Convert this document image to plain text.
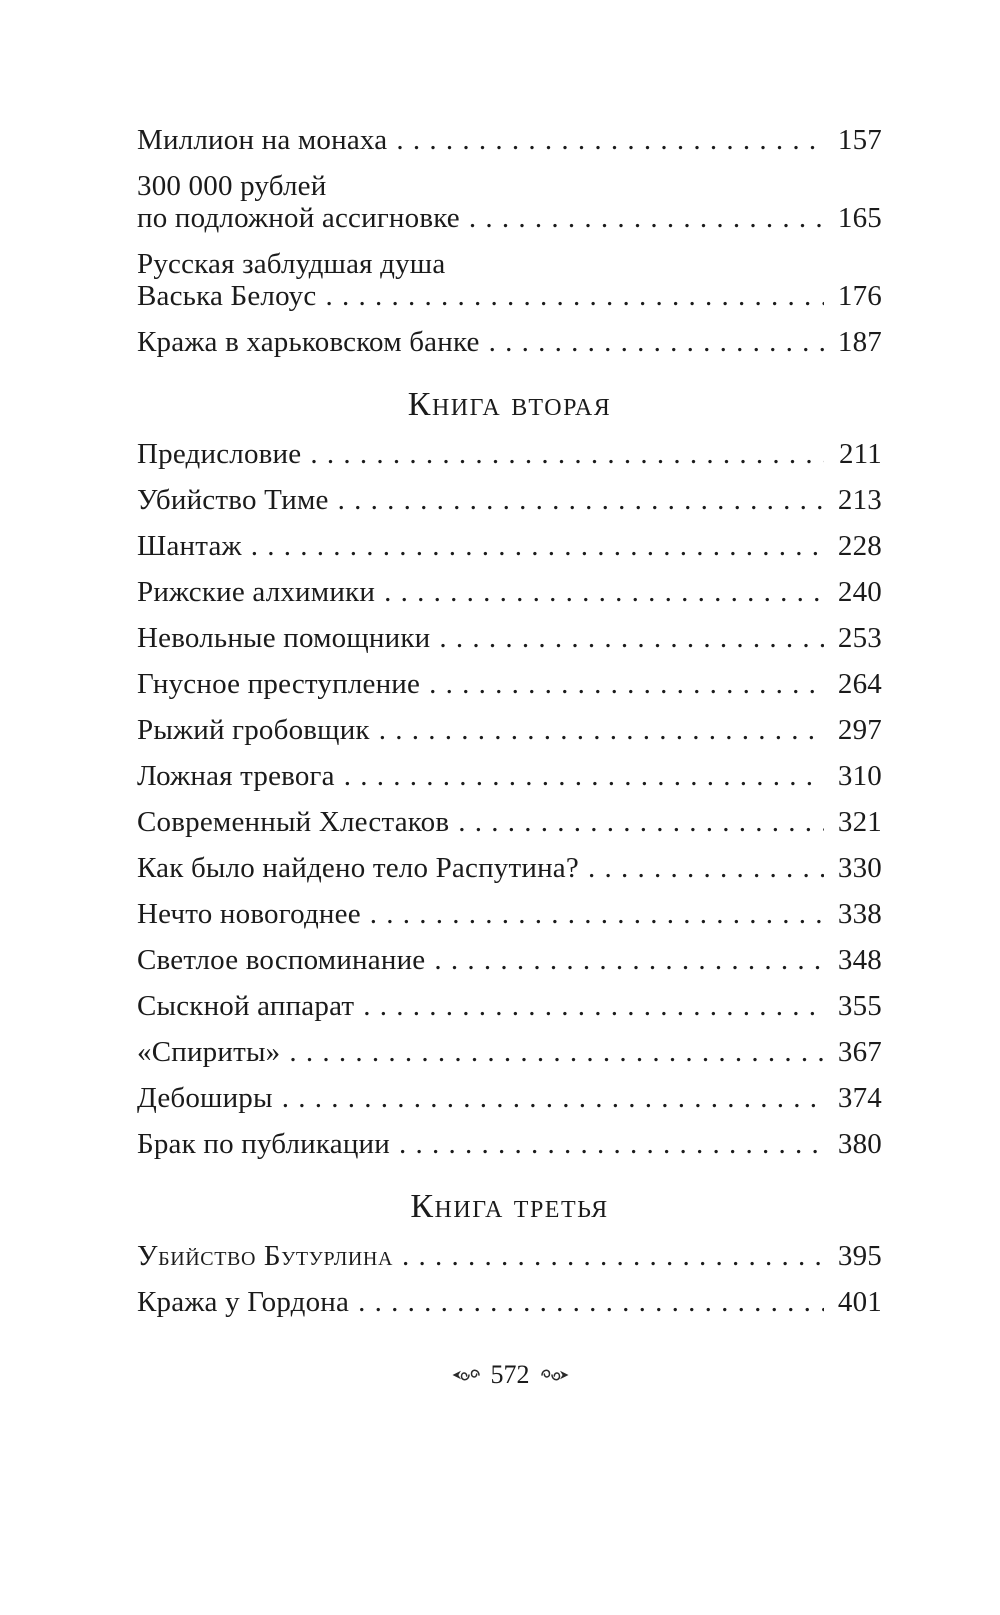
Миллион на монаха . . .	157
300 000 рублей
по подложной ассигновке . . .	165
Русская заблудшая душа
Васька Белоус . . .	176
Кража в харьковском банке . . .	187
Книга вторая
Предисловие . . .	211
Убийство Тиме . . .	213
Шантаж . . .	228
Рижские алхимики . . .	240
Невольные помощники . . .	253
Гнусное преступление . . .	264
Рыжий гробовщик . . .	297
Ложная тревога . . .	310
Современный Хлестаков . . .	321
Как было найдено тело Распутина? . . .	330
Нечто новогоднее . . .	338
Светлое воспоминание . . .	348
Сыскной аппарат . . .	355
«Спириты» . . .	367
Дебоширы . . .	374
Брак по публикации . . .	380
Книга третья
Убийство Бутурлина . . .	395
Кража у Гордона . . .	401
572
